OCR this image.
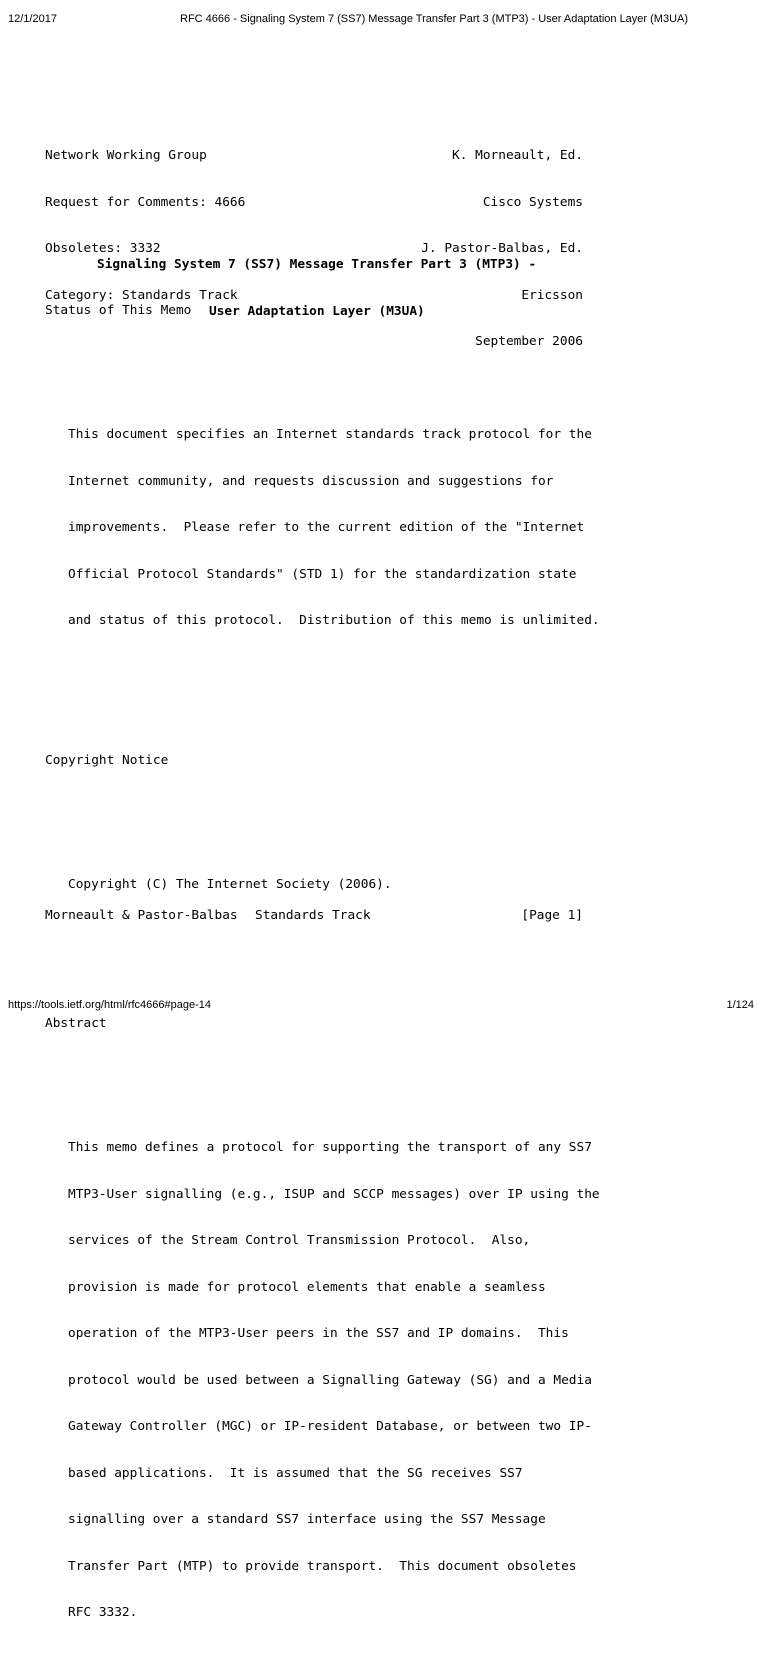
12/1/2017	RFC 4666 - Signaling System 7 (SS7) Message Transfer Part 3 (MTP3) - User Adaptation Layer (M3UA)

Network Working Group	K. Morneault, Ed.

Request for Comments: 4666	Cisco Systems

Obsoletes: 3332	J. Pastor-Balbas, Ed.

Category: Standards Track	Ericsson

September 2006

Signaling System 7 (SS7) Message Transfer Part 3 (MTP3) -

User Adaptation Layer (M3UA)

Status of This Memo

This document specifies an Internet standards track protocol for the

Internet community, and requests discussion and suggestions for

improvements.  Please refer to the current edition of the "Internet

Official Protocol Standards" (STD 1) for the standardization state

and status of this protocol.  Distribution of this memo is unlimited.

Copyright Notice

Copyright (C) The Internet Society (2006).

Abstract

This memo defines a protocol for supporting the transport of any SS7

MTP3-User signalling (e.g., ISUP and SCCP messages) over IP using the

services of the Stream Control Transmission Protocol.  Also,

provision is made for protocol elements that enable a seamless

operation of the MTP3-User peers in the SS7 and IP domains.  This

protocol would be used between a Signalling Gateway (SG) and a Media

Gateway Controller (MGC) or IP-resident Database, or between two IP-

based applications.  It is assumed that the SG receives SS7

signalling over a standard SS7 interface using the SS7 Message

Transfer Part (MTP) to provide transport.  This document obsoletes

RFC 3332.

Morneault & Pastor-Balbas	Standards Track	[Page 1]
https://tools.ietf.org/html/rfc4666#page-14	1/124
